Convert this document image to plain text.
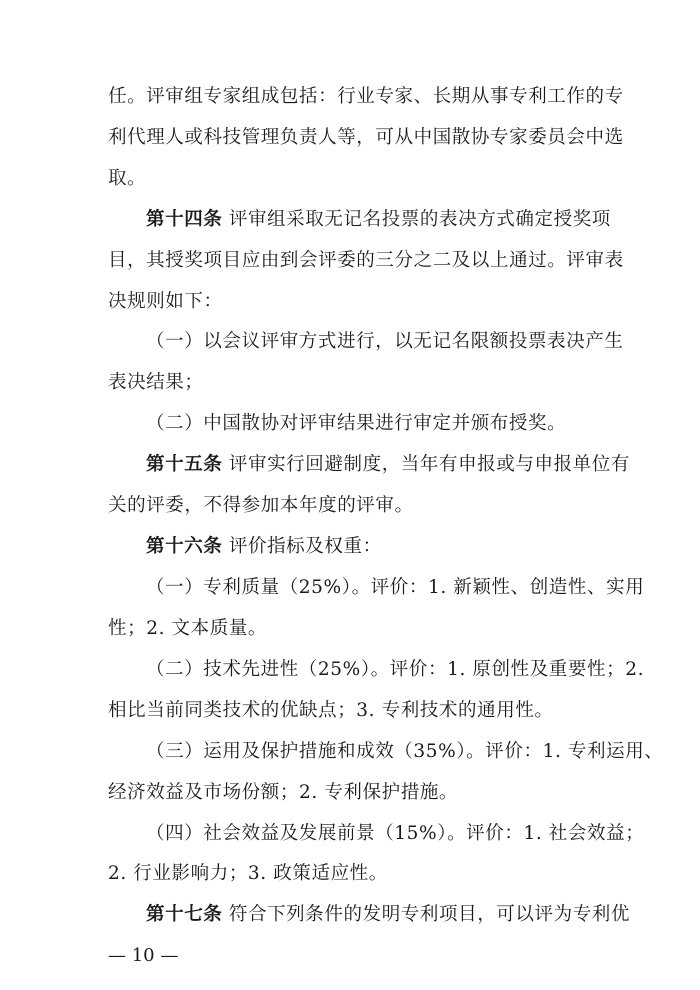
任。评审组专家组成包括：行业专家、长期从事专利工作的专
利代理人或科技管理负责人等，可从中国散协专家委员会中选
取。
第十四条 评审组采取无记名投票的表决方式确定授奖项
目，其授奖项目应由到会评委的三分之二及以上通过。评审表
决规则如下：
（一）以会议评审方式进行，以无记名限额投票表决产生
表决结果；
（二）中国散协对评审结果进行审定并颁布授奖。
第十五条 评审实行回避制度，当年有申报或与申报单位有
关的评委，不得参加本年度的评审。
第十六条 评价指标及权重：
（一）专利质量（25%）。评价：1. 新颖性、创造性、实用
性；2. 文本质量。
（二）技术先进性（25%）。评价：1. 原创性及重要性；2.
相比当前同类技术的优缺点；3. 专利技术的通用性。
（三）运用及保护措施和成效（35%）。评价：1. 专利运用、
经济效益及市场份额；2. 专利保护措施。
（四）社会效益及发展前景（15%）。评价：1. 社会效益；
2. 行业影响力；3. 政策适应性。
第十七条 符合下列条件的发明专利项目，可以评为专利优
— 10 —
